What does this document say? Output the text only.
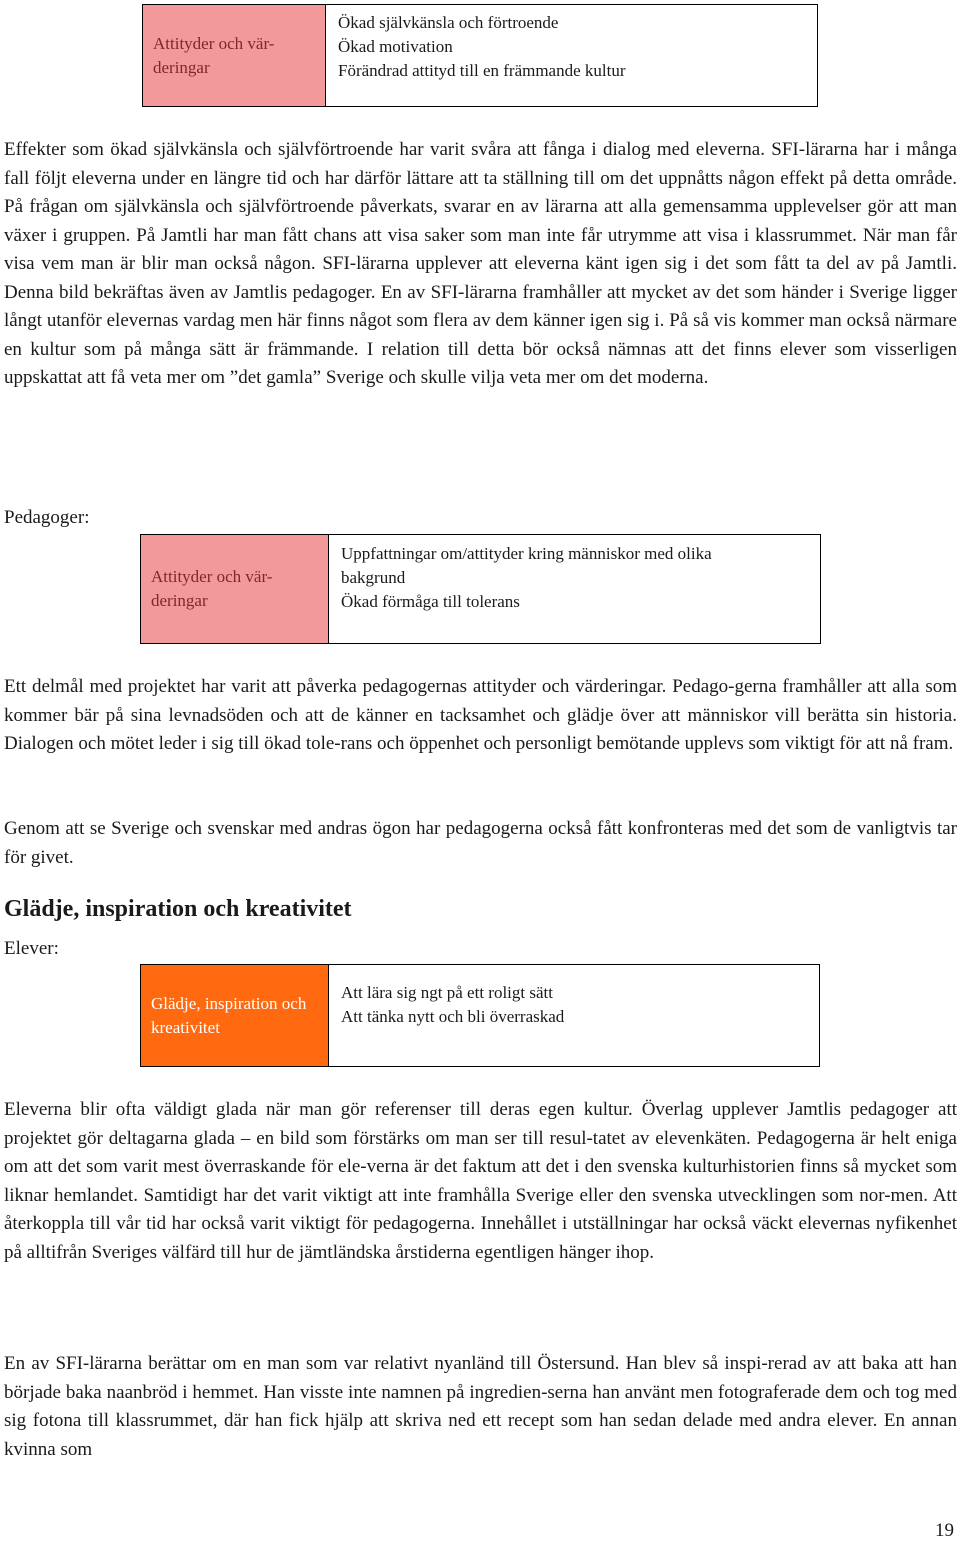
Attityder och vär-deringar
Ökad självkänsla och förtroende
Ökad motivation
Förändrad attityd till en främmande kultur

Effekter som ökad självkänsla och självförtroende har varit svåra att fånga i dialog med eleverna. SFI-lärarna har i många fall följt eleverna under en längre tid och har därför lättare att ta ställning till om det uppnåtts någon effekt på detta område. På frågan om självkänsla och självförtroende påverkats, svarar en av lärarna att alla gemensamma upplevelser gör att man växer i gruppen. På Jamtli har man fått chans att visa saker som man inte får utrymme att visa i klassrummet. När man får visa vem man är blir man också någon. SFI-lärarna upplever att eleverna känt igen sig i det som fått ta del av på Jamtli. Denna bild bekräftas även av Jamtlis pedagoger. En av SFI-lärarna framhåller att mycket av det som händer i Sverige ligger långt utanför elevernas vardag men här finns något som flera av dem känner igen sig i. På så vis kommer man också närmare en kultur som på många sätt är främmande. I relation till detta bör också nämnas att det finns elever som visserligen uppskattat att få veta mer om ”det gamla” Sverige och skulle vilja veta mer om det moderna.

Pedagoger:
Attityder och vär-deringar
Uppfattningar om/attityder kring människor med olika
bakgrund
Ökad förmåga till tolerans

Ett delmål med projektet har varit att påverka pedagogernas attityder och värderingar. Pedago-gerna framhåller att alla som kommer bär på sina levnadsöden och att de känner en tacksamhet och glädje över att människor vill berätta sin historia. Dialogen och mötet leder i sig till ökad tole-rans och öppenhet och personligt bemötande upplevs som viktigt för att nå fram.

Genom att se Sverige och svenskar med andras ögon har pedagogerna också fått konfronteras med det som de vanligtvis tar för givet.

Glädje, inspiration och kreativitet
Elever:
Glädje, inspiration och kreativitet
Att lära sig ngt på ett roligt sätt
Att tänka nytt och bli överraskad

Eleverna blir ofta väldigt glada när man gör referenser till deras egen kultur. Överlag upplever Jamtlis pedagoger att projektet gör deltagarna glada – en bild som förstärks om man ser till resul-tatet av elevenkäten. Pedagogerna är helt eniga om att det som varit mest överraskande för ele-verna är det faktum att det i den svenska kulturhistorien finns så mycket som liknar hemlandet. Samtidigt har det varit viktigt att inte framhålla Sverige eller den svenska utvecklingen som nor-men. Att återkoppla till vår tid har också varit viktigt för pedagogerna. Innehållet i utställningar har också väckt elevernas nyfikenhet på alltifrån Sveriges välfärd till hur de jämtländska årstiderna egentligen hänger ihop.

En av SFI-lärarna berättar om en man som var relativt nyanländ till Östersund. Han blev så inspi-rerad av att baka att han började baka naanbröd i hemmet. Han visste inte namnen på ingredien-serna han använt men fotograferade dem och tog med sig fotona till klassrummet, där han fick hjälp att skriva ned ett recept som han sedan delade med andra elever. En annan kvinna som

19
